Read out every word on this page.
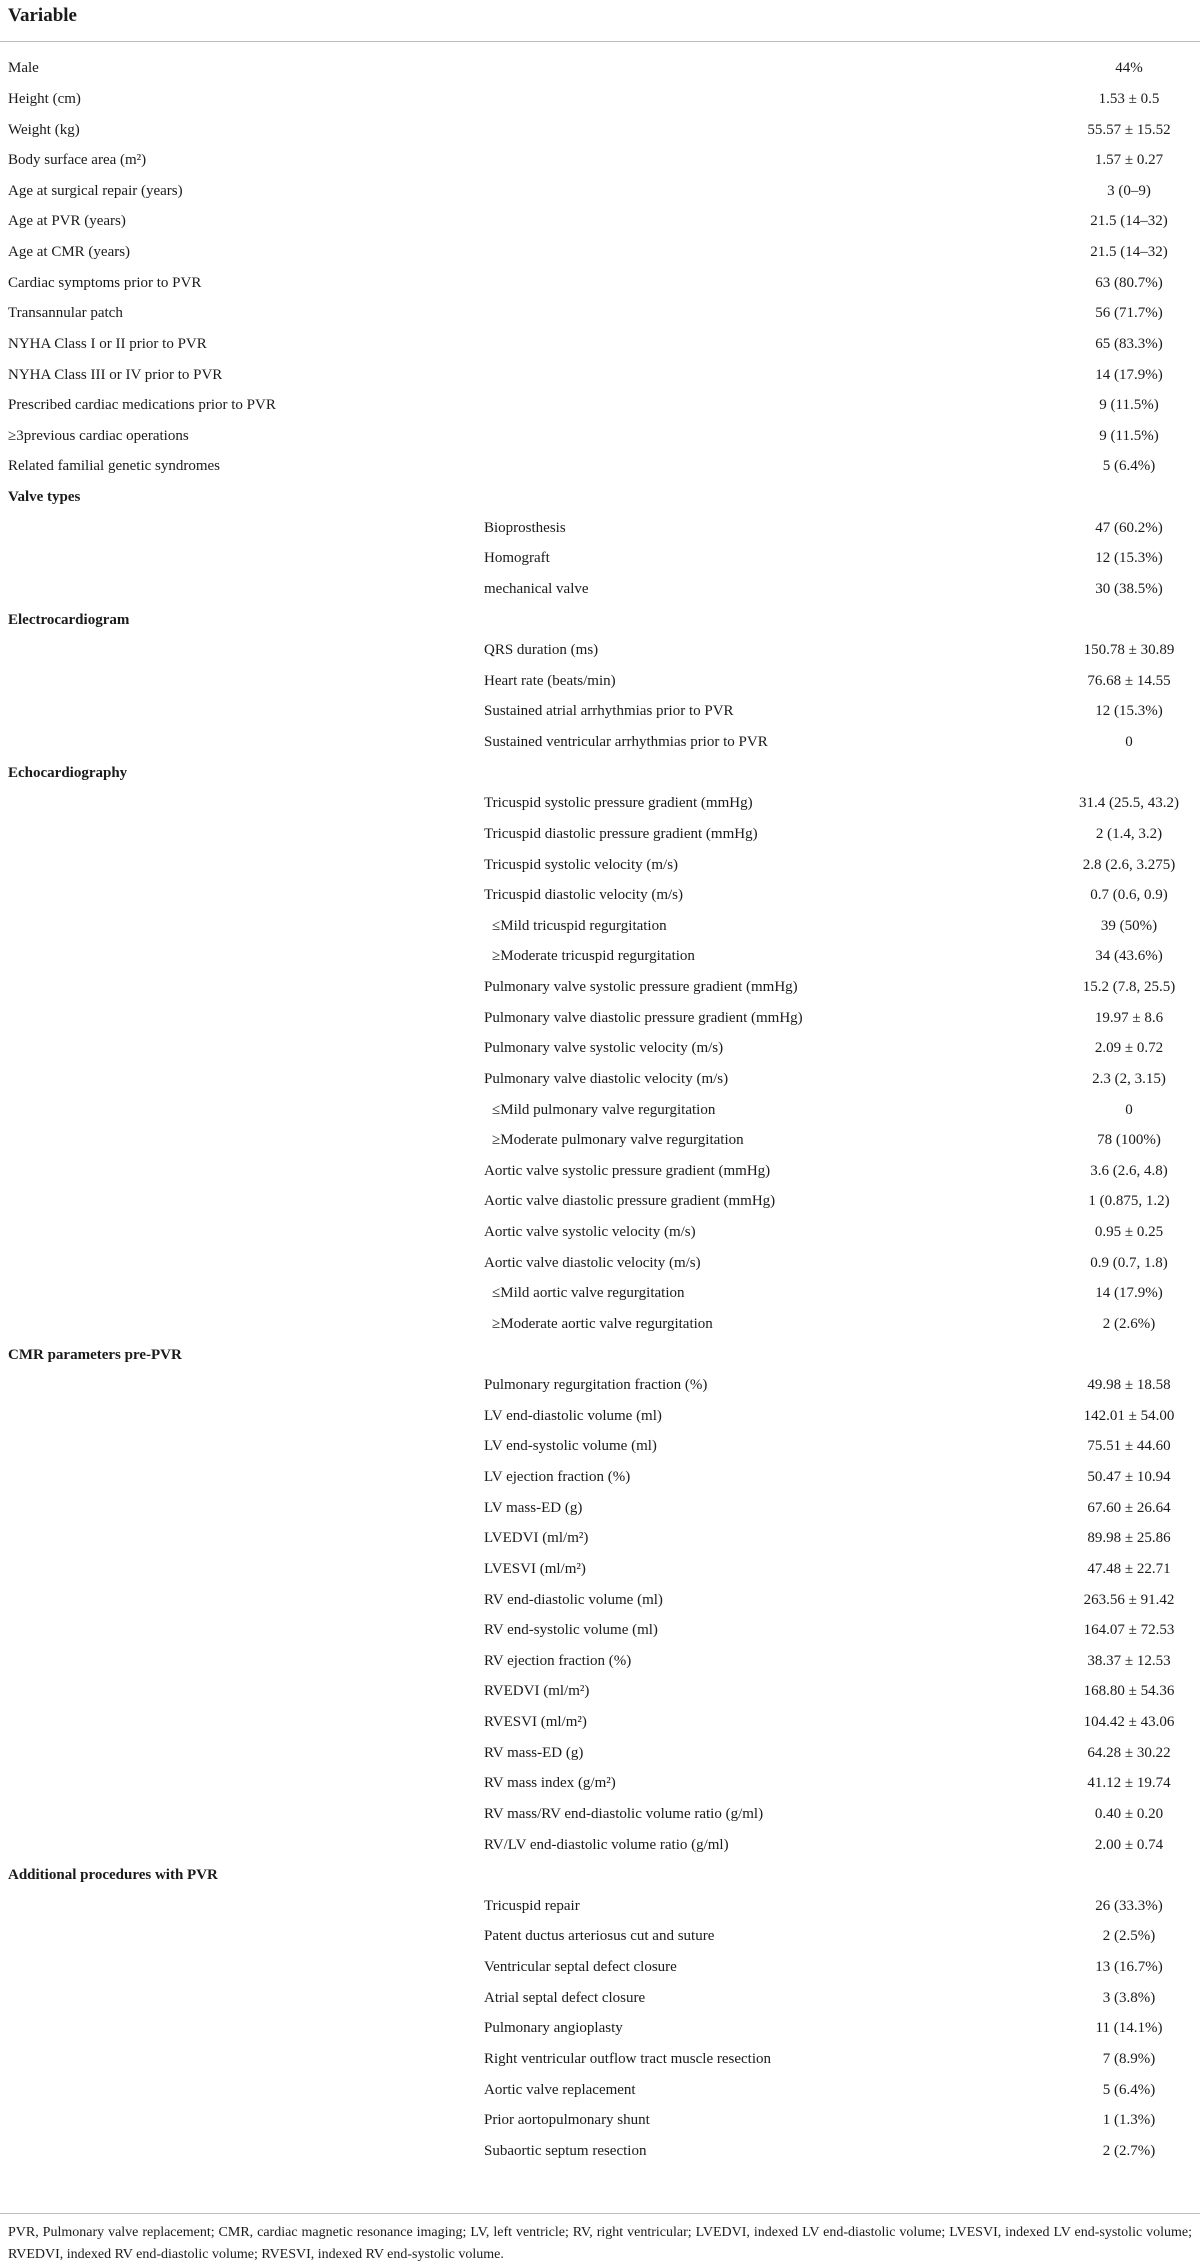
Variable
Male		44%
Height (cm)		1.53 ± 0.5
Weight (kg)		55.57 ± 15.52
Body surface area (m²)		1.57 ± 0.27
Age at surgical repair (years)		3 (0–9)
Age at PVR (years)		21.5 (14–32)
Age at CMR (years)		21.5 (14–32)
Cardiac symptoms prior to PVR		63 (80.7%)
Transannular patch		56 (71.7%)
NYHA Class I or II prior to PVR		65 (83.3%)
NYHA Class III or IV prior to PVR		14 (17.9%)
Prescribed cardiac medications prior to PVR		9 (11.5%)
≥3previous cardiac operations		9 (11.5%)
Related familial genetic syndromes		5 (6.4%)
Valve types		
	Bioprosthesis	47 (60.2%)
	Homograft	12 (15.3%)
	mechanical valve	30 (38.5%)
Electrocardiogram		
	QRS duration (ms)	150.78 ± 30.89
	Heart rate (beats/min)	76.68 ± 14.55
	Sustained atrial arrhythmias prior to PVR	12 (15.3%)
	Sustained ventricular arrhythmias prior to PVR	0
Echocardiography		
	Tricuspid systolic pressure gradient (mmHg)	31.4 (25.5, 43.2)
	Tricuspid diastolic pressure gradient (mmHg)	2 (1.4, 3.2)
	Tricuspid systolic velocity (m/s)	2.8 (2.6, 3.275)
	Tricuspid diastolic velocity (m/s)	0.7 (0.6, 0.9)
	≤Mild tricuspid regurgitation	39 (50%)
	≥Moderate tricuspid regurgitation	34 (43.6%)
	Pulmonary valve systolic pressure gradient (mmHg)	15.2 (7.8, 25.5)
	Pulmonary valve diastolic pressure gradient (mmHg)	19.97 ± 8.6
	Pulmonary valve systolic velocity (m/s)	2.09 ± 0.72
	Pulmonary valve diastolic velocity (m/s)	2.3 (2, 3.15)
	≤Mild pulmonary valve regurgitation	0
	≥Moderate pulmonary valve regurgitation	78 (100%)
	Aortic valve systolic pressure gradient (mmHg)	3.6 (2.6, 4.8)
	Aortic valve diastolic pressure gradient (mmHg)	1 (0.875, 1.2)
	Aortic valve systolic velocity (m/s)	0.95 ± 0.25
	Aortic valve diastolic velocity (m/s)	0.9 (0.7, 1.8)
	≤Mild aortic valve regurgitation	14 (17.9%)
	≥Moderate aortic valve regurgitation	2 (2.6%)
CMR parameters pre-PVR		
	Pulmonary regurgitation fraction (%)	49.98 ± 18.58
	LV end-diastolic volume (ml)	142.01 ± 54.00
	LV end-systolic volume (ml)	75.51 ± 44.60
	LV ejection fraction (%)	50.47 ± 10.94
	LV mass-ED (g)	67.60 ± 26.64
	LVEDVI (ml/m²)	89.98 ± 25.86
	LVESVI (ml/m²)	47.48 ± 22.71
	RV end-diastolic volume (ml)	263.56 ± 91.42
	RV end-systolic volume (ml)	164.07 ± 72.53
	RV ejection fraction (%)	38.37 ± 12.53
	RVEDVI (ml/m²)	168.80 ± 54.36
	RVESVI (ml/m²)	104.42 ± 43.06
	RV mass-ED (g)	64.28 ± 30.22
	RV mass index (g/m²)	41.12 ± 19.74
	RV mass/RV end-diastolic volume ratio (g/ml)	0.40 ± 0.20
	RV/LV end-diastolic volume ratio (g/ml)	2.00 ± 0.74
Additional procedures with PVR		
	Tricuspid repair	26 (33.3%)
	Patent ductus arteriosus cut and suture	2 (2.5%)
	Ventricular septal defect closure	13 (16.7%)
	Atrial septal defect closure	3 (3.8%)
	Pulmonary angioplasty	11 (14.1%)
	Right ventricular outflow tract muscle resection	7 (8.9%)
	Aortic valve replacement	5 (6.4%)
	Prior aortopulmonary shunt	1 (1.3%)
	Subaortic septum resection	2 (2.7%)

PVR, Pulmonary valve replacement; CMR, cardiac magnetic resonance imaging; LV, left ventricle; RV, right ventricular; LVEDVI, indexed LV end-diastolic volume; LVESVI, indexed LV end-systolic volume; RVEDVI, indexed RV end-diastolic volume; RVESVI, indexed RV end-systolic volume.
